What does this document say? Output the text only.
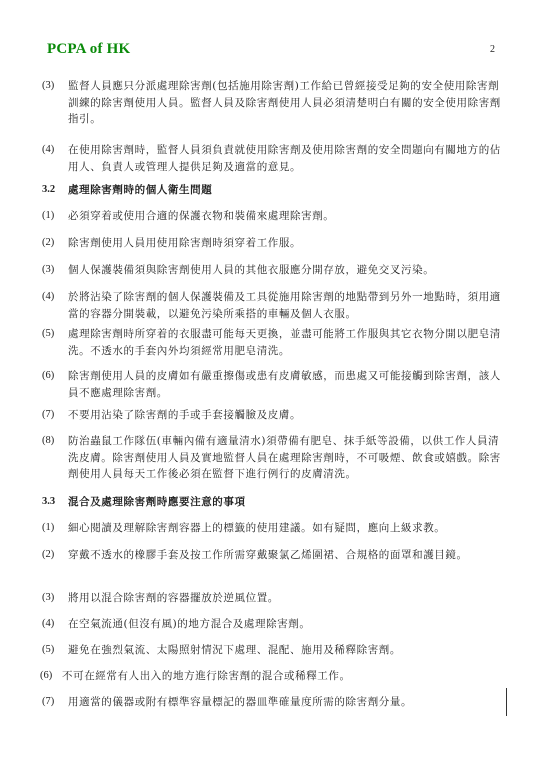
PCPA of HK	2
(3)	監督人員應只分派處理除害劑(包括施用除害劑)工作給已曾經接受足夠的安全使用除害劑訓練的除害劑使用人員。監督人員及除害劑使用人員必須清楚明白有關的安全使用除害劑指引。
(4)	在使用除害劑時，監督人員須負責就使用除害劑及使用除害劑的安全問題向有關地方的佔用人、負責人或管理人提供足夠及適當的意見。
3.2 處理除害劑時的個人衛生問題
(1)	必須穿着或使用合適的保護衣物和裝備來處理除害劑。
(2)	除害劑使用人員用使用除害劑時須穿着工作服。
(3)	個人保護裝備須與除害劑使用人員的其他衣服應分開存放，避免交叉污染。
(4)	於將沾染了除害劑的個人保護裝備及工具從施用除害劑的地點帶到另外一地點時，須用適當的容器分開裝載，以避免污染所乘搭的車輛及個人衣服。
(5)	處理除害劑時所穿着的衣服盡可能每天更換，並盡可能將工作服與其它衣物分開以肥皂清洗。不透水的手套內外均須經常用肥皂清洗。
(6)	除害劑使用人員的皮膚如有嚴重擦傷或患有皮膚敏感，而患處又可能接觸到除害劑，該人員不應處理除害劑。
(7)	不要用沾染了除害劑的手或手套接觸臉及皮膚。
(8)	防治蟲鼠工作隊伍(車輛內備有適量清水)須帶備有肥皂、抹手紙等設備，以供工作人員清洗皮膚。除害劑使用人員及實地監督人員在處理除害劑時，不可吸煙、飲食或嬉戲。除害劑使用人員每天工作後必須在監督下進行例行的皮膚清洗。
3.3 混合及處理除害劑時應要注意的事項
(1)	細心閱讀及理解除害劑容器上的標籤的使用建議。如有疑問，應向上級求教。
(2)	穿戴不透水的橡膠手套及按工作所需穿戴聚氯乙烯圍裙、合規格的面罩和護目鏡。
(3)	將用以混合除害劑的容器擺放於逆風位置。
(4)	在空氣流通(但沒有風)的地方混合及處理除害劑。
(5)	避免在強烈氣流、太陽照射情況下處理、混配、施用及稀釋除害劑。
(6) 不可在經常有人出入的地方進行除害劑的混合或稀釋工作。
(7)	用適當的儀器或附有標準容量標記的器皿準確量度所需的除害劑分量。
